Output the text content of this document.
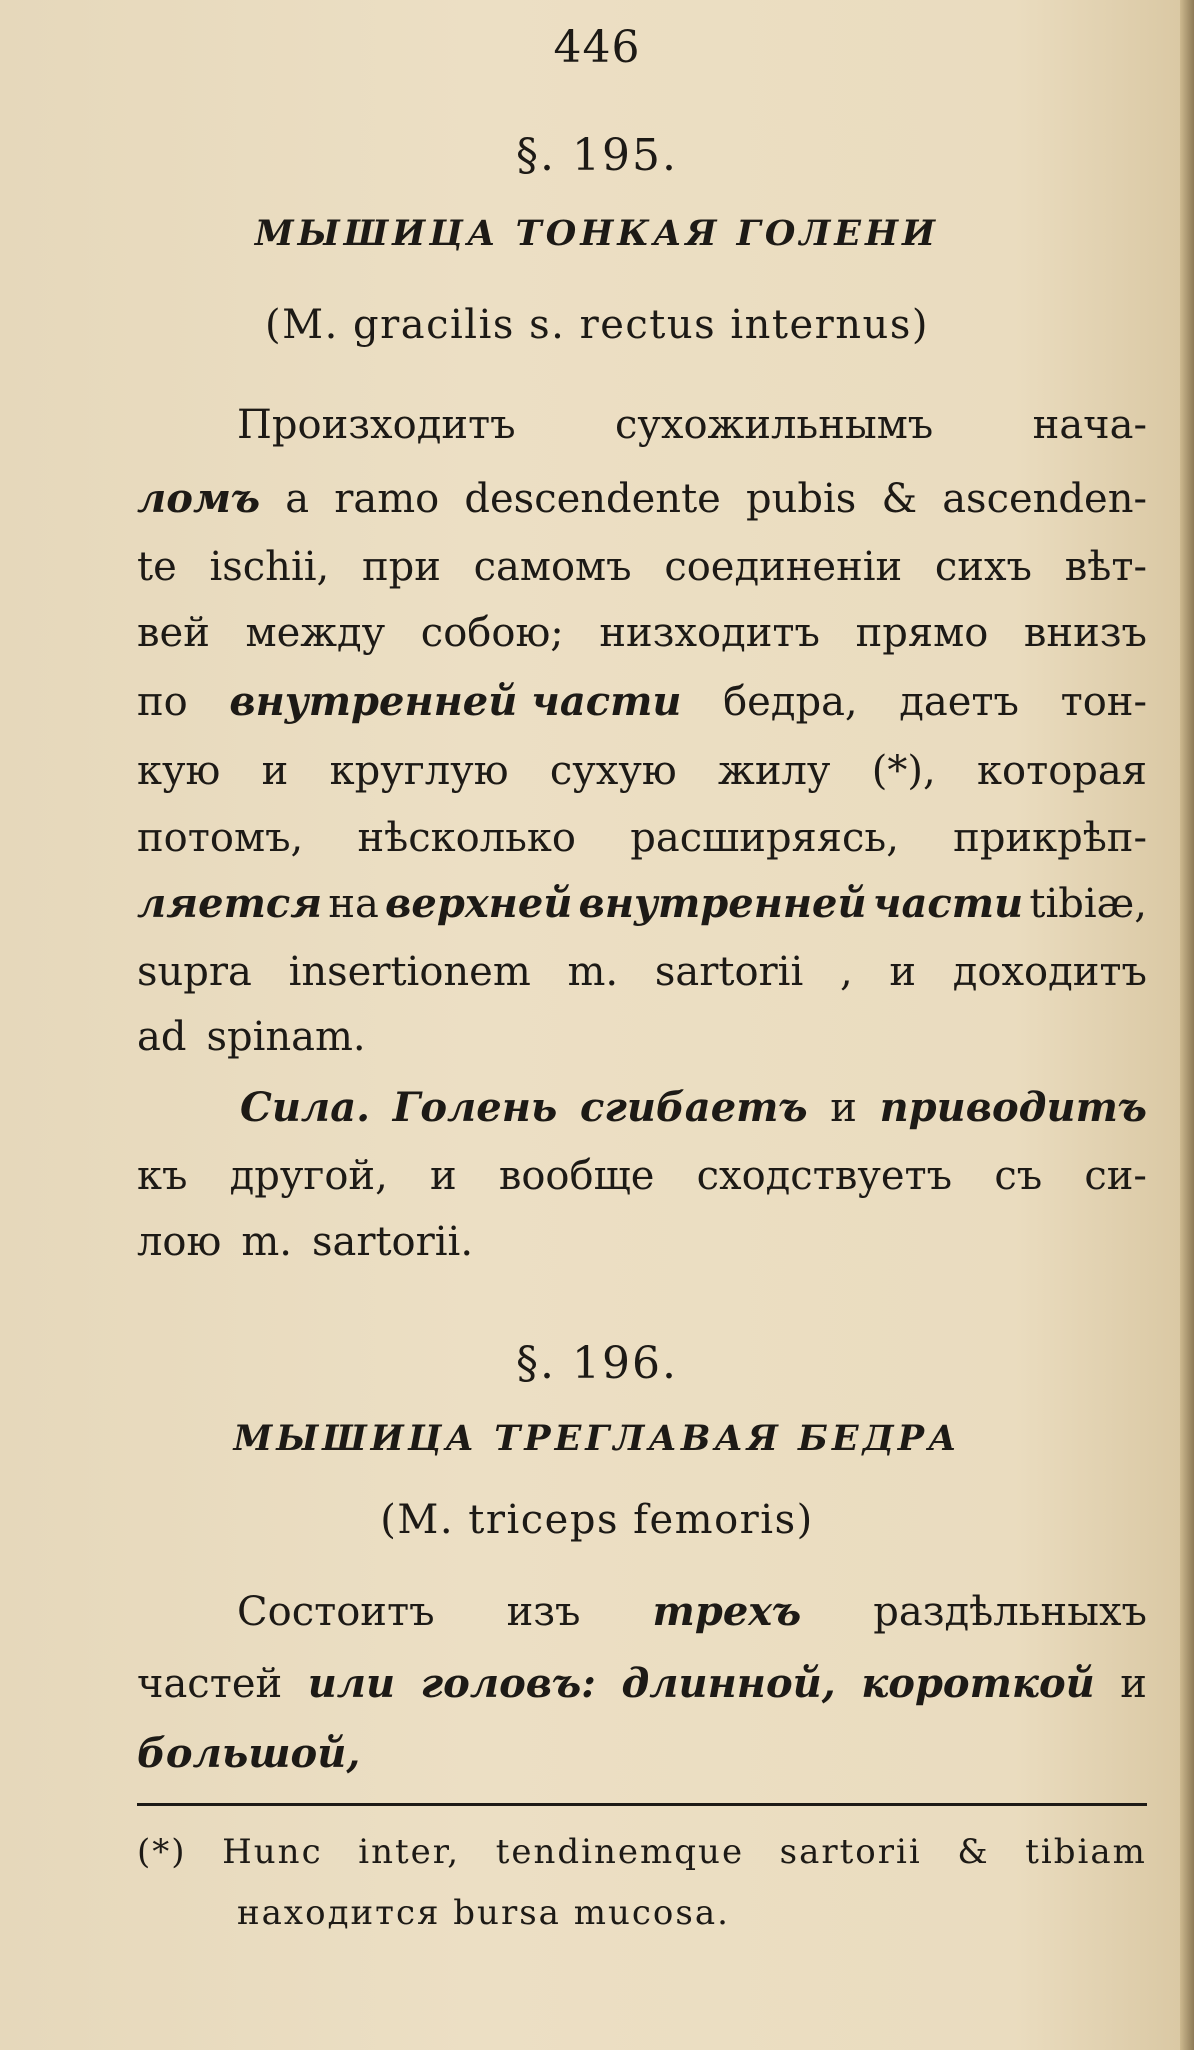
446
§. 195.
МЫШИЦА ТОНКАЯ ГОЛЕНИ
(M. gracilis s. rectus internus)

Произходитъ сухожильнымъ нача-

ломъ a ramo descendente pubis & ascenden-

te ischii, при самомъ соединенiи сихъ вѣт-

вей между собою; низходитъ прямо внизъ

по внутренней части бедра, даетъ тон-

кую и круглую сухую жилу (*), которая

потомъ, нѣсколько расширяясь, прикрѣп-

ляется на верхней внутренней части tibiæ,

supra insertionem m. sartorii , и доходитъ

ad spinam.

Сила. Голень сгибаетъ и приводитъ

къ другой, и вообще сходствуетъ съ си-

лою m. sartorii.

§. 196.
МЫШИЦА ТРЕГЛАВАЯ БЕДРА
(M. triceps femoris)

Состоитъ изъ трехъ раздѣльныхъ

частей или головъ: длинной, короткой и

большой,

(*) Hunc inter, tendinemque sartorii & tibiam
находится bursa mucosa.
